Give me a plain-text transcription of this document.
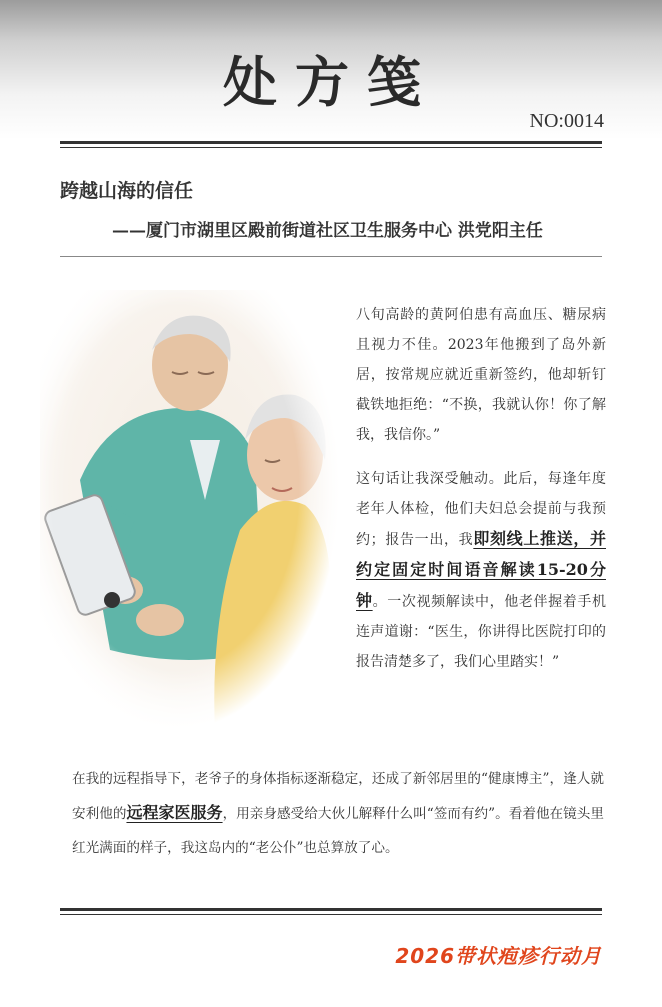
处方笺
NO:0014
跨越山海的信任
——厦门市湖里区殿前街道社区卫生服务中心 洪党阳主任
八旬高龄的黄阿伯患有高血压、糖尿病且视力不佳。2023年他搬到了岛外新居，按常规应就近重新签约，他却斩钉截铁地拒绝：“不换，我就认你！你了解我，我信你。”
这句话让我深受触动。此后，每逢年度老年人体检，他们夫妇总会提前与我预约；报告一出，我即刻线上推送，并约定固定时间语音解读15-20分钟。一次视频解读中，他老伴握着手机连声道谢：“医生，你讲得比医院打印的报告清楚多了，我们心里踏实！”
在我的远程指导下，老爷子的身体指标逐渐稳定，还成了新邻居里的“健康博主”，逢人就安利他的远程家医服务，用亲身感受给大伙儿解释什么叫“签而有约”。看着他在镜头里红光满面的样子，我这岛内的“老公仆”也总算放了心。
2026带状疱疹行动月
